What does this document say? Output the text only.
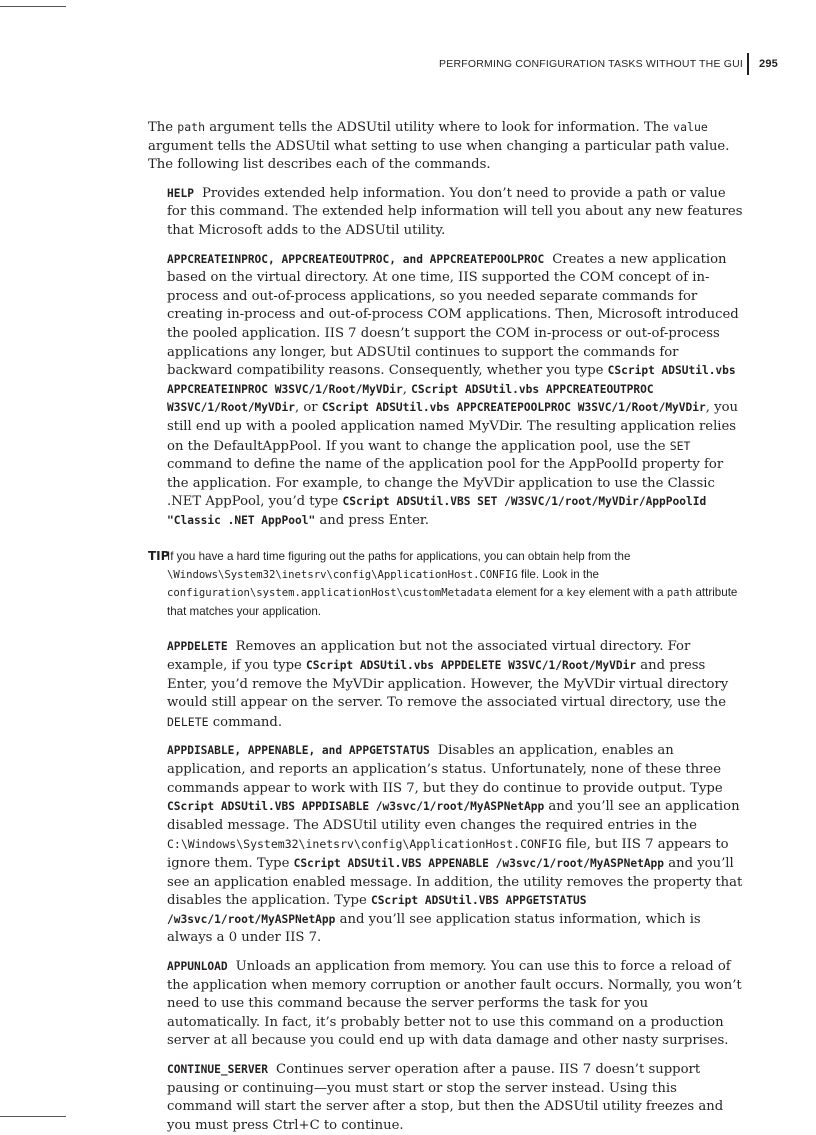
PERFORMING CONFIGURATION TASKS WITHOUT THE GUI 295

The path argument tells the ADSUtil utility where to look for information. The value argument tells the ADSUtil what setting to use when changing a particular path value. The following list describes each of the commands.

HELP Provides extended help information. You don’t need to provide a path or value for this command. The extended help information will tell you about any new features that Microsoft adds to the ADSUtil utility.
APPCREATEINPROC, APPCREATEOUTPROC, and APPCREATEPOOLPROC Creates a new application based on the virtual directory. At one time, IIS supported the COM concept of in-process and out-of-process applications, so you needed separate commands for creating in-process and out-of-process COM applications. Then, Microsoft introduced the pooled application. IIS 7 doesn’t support the COM in-process or out-of-process applications any longer, but ADSUtil continues to support the commands for backward compatibility reasons. Consequently, whether you type CScript ADSUtil.vbs APPCREATEINPROC W3SVC/1/Root/MyVDir, CScript ADSUtil.vbs APPCREATEOUTPROC W3SVC/1/Root/MyVDir, or CScript ADSUtil.vbs APPCREATEPOOLPROC W3SVC/1/Root/MyVDir, you still end up with a pooled application named MyVDir. The resulting application relies on the DefaultAppPool. If you want to change the application pool, use the SET command to define the name of the application pool for the AppPoolId property for the application. For example, to change the MyVDir application to use the Classic .NET AppPool, you’d type CScript ADSUtil.VBS SET /W3SVC/1/root/MyVDir/AppPoolId "Classic .NET AppPool" and press Enter.
TIP
If you have a hard time figuring out the paths for applications, you can obtain help from the \Windows\System32\inetsrv\config\ApplicationHost.CONFIG file. Look in the configuration\system.applicationHost\customMetadata element for a key element with a path attribute that matches your application.
APPDELETE Removes an application but not the associated virtual directory. For example, if you type CScript ADSUtil.vbs APPDELETE W3SVC/1/Root/MyVDir and press Enter, you’d remove the MyVDir application. However, the MyVDir virtual directory would still appear on the server. To remove the associated virtual directory, use the DELETE command.
APPDISABLE, APPENABLE, and APPGETSTATUS Disables an application, enables an application, and reports an application’s status. Unfortunately, none of these three commands appear to work with IIS 7, but they do continue to provide output. Type CScript ADSUtil.VBS APPDISABLE /w3svc/1/root/MyASPNetApp and you’ll see an application disabled message. The ADSUtil utility even changes the required entries in the C:\Windows\System32\inetsrv\config\ApplicationHost.CONFIG file, but IIS 7 appears to ignore them. Type CScript ADSUtil.VBS APPENABLE /w3svc/1/root/MyASPNetApp and you’ll see an application enabled message. In addition, the utility removes the property that disables the application. Type CScript ADSUtil.VBS APPGETSTATUS /w3svc/1/root/MyASPNetApp and you’ll see application status information, which is always a 0 under IIS 7.
APPUNLOAD Unloads an application from memory. You can use this to force a reload of the application when memory corruption or another fault occurs. Normally, you won’t need to use this command because the server performs the task for you automatically. In fact, it’s probably better not to use this command on a production server at all because you could end up with data damage and other nasty surprises.
CONTINUE_SERVER Continues server operation after a pause. IIS 7 doesn’t support pausing or continuing—you must start or stop the server instead. Using this command will start the server after a stop, but then the ADSUtil utility freezes and you must press Ctrl+C to continue.
